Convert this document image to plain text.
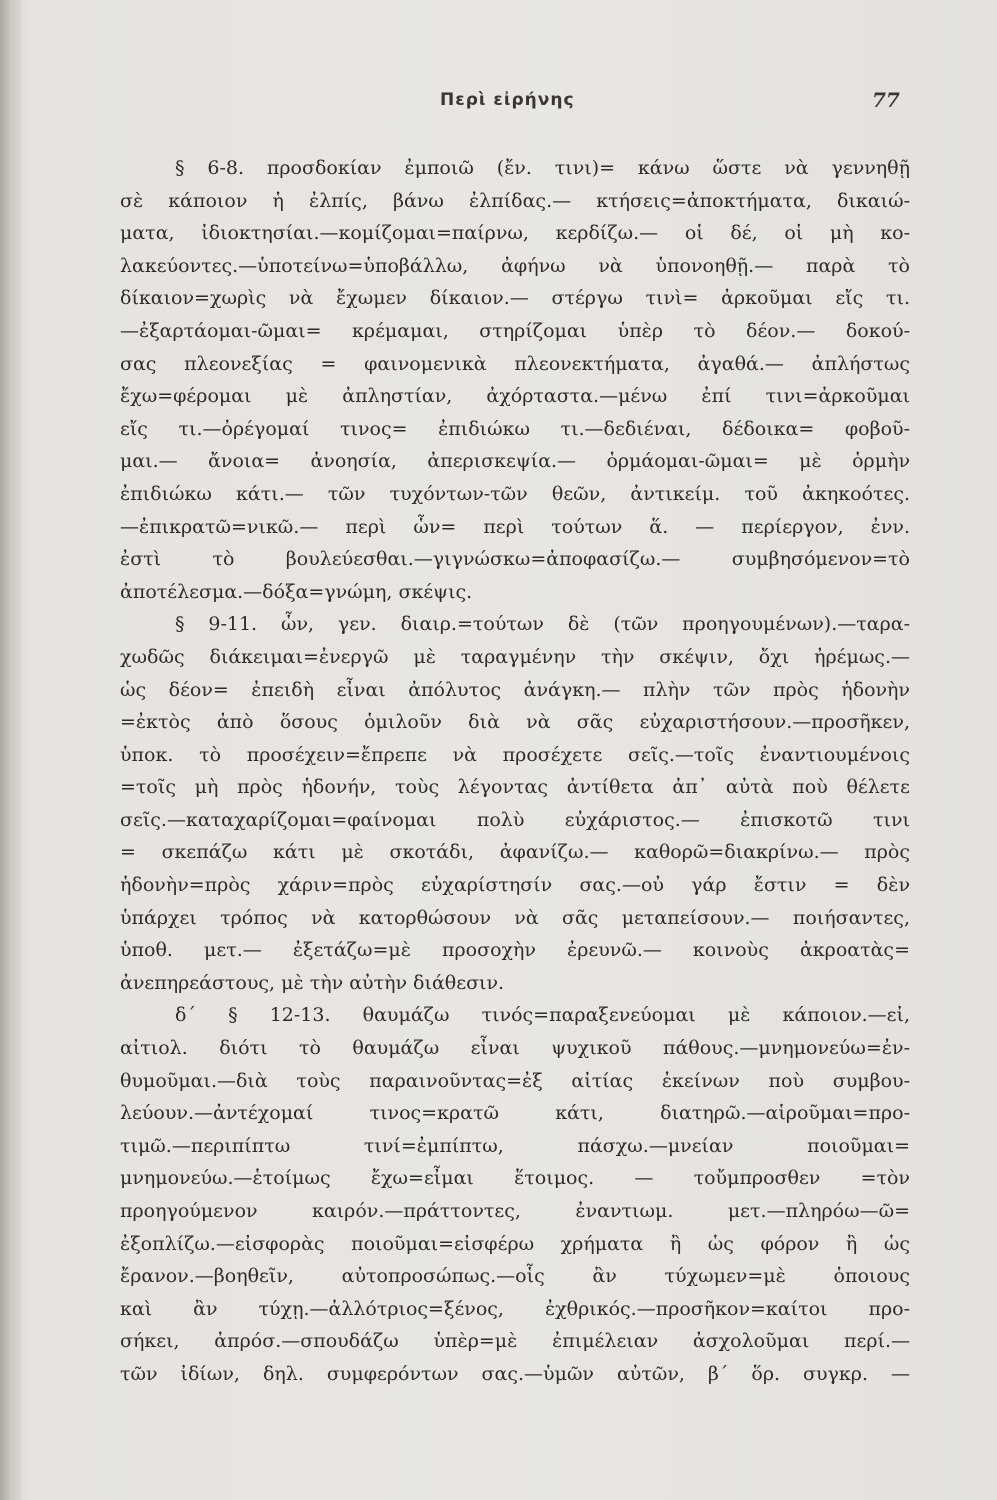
Περὶ εἰρήνης	77
§ 6-8. προσδοκίαν ἐμποιῶ (ἔν. τινι)= κάνω ὥστε νὰ γεννηθῇ
σὲ κάποιον ἡ ἐλπίς, βάνω ἐλπίδας.— κτήσεις=ἀποκτήματα, δικαιώ-
ματα, ἰδιοκτησίαι.—κομίζομαι=παίρνω, κερδίζω.— οἱ δέ, οἱ μὴ κο-
λακεύοντες.—ὑποτείνω=ὑποβάλλω, ἀφήνω νὰ ὑπονοηθῇ.— παρὰ τὸ
δίκαιον=χωρὶς νὰ ἔχωμεν δίκαιον.— στέργω τινὶ= ἀρκοῦμαι εἴς τι.
—ἐξαρτάομαι-ῶμαι= κρέμαμαι, στηρίζομαι ὑπὲρ τὸ δέον.— δοκού-
σας πλεονεξίας = φαινομενικὰ πλεονεκτήματα, ἀγαθά.— ἀπλήστως
ἔχω=φέρομαι μὲ ἀπληστίαν, ἀχόρταστα.—μένω ἐπί τινι=ἀρκοῦμαι
εἴς τι.—ὀρέγομαί τινος= ἐπιδιώκω τι.—δεδιέναι, δέδοικα= φοβοῦ-
μαι.— ἄνοια= ἀνοησία, ἀπερισκεψία.— ὁρμάομαι-ῶμαι= μὲ ὁρμὴν
ἐπιδιώκω κάτι.— τῶν τυχόντων-τῶν θεῶν, ἀντικείμ. τοῦ ἀκηκοότες.
—ἐπικρατῶ=νικῶ.— περὶ ὧν= περὶ τούτων ἅ. — περίεργον, ἐνν.
ἐστὶ τὸ βουλεύεσθαι.—γιγνώσκω=ἀποφασίζω.— συμβησόμενον=τὸ
ἀποτέλεσμα.—δόξα=γνώμη, σκέψις.
§ 9-11. ὧν, γεν. διαιρ.=τούτων δὲ (τῶν προηγουμένων).—ταρα-
χωδῶς διάκειμαι=ἐνεργῶ μὲ ταραγμένην τὴν σκέψιν, ὄχι ἠρέμως.—
ὡς δέον= ἐπειδὴ εἶναι ἀπόλυτος ἀνάγκη.— πλὴν τῶν πρὸς ἡδονὴν
=ἐκτὸς ἀπὸ ὅσους ὁμιλοῦν διὰ νὰ σᾶς εὐχαριστήσουν.—προσῆκεν,
ὑποκ. τὸ προσέχειν=ἔπρεπε νὰ προσέχετε σεῖς.—τοῖς ἐναντιουμένοις
=τοῖς μὴ πρὸς ἡδονήν, τοὺς λέγοντας ἀντίθετα ἀπ᾿ αὐτὰ ποὺ θέλετε
σεῖς.—καταχαρίζομαι=φαίνομαι πολὺ εὐχάριστος.— ἐπισκοτῶ τινι
= σκεπάζω κάτι μὲ σκοτάδι, ἀφανίζω.— καθορῶ=διακρίνω.— πρὸς
ἡδονὴν=πρὸς χάριν=πρὸς εὐχαρίστησίν σας.—οὐ γάρ ἔστιν = δὲν
ὑπάρχει τρόπος νὰ κατορθώσουν νὰ σᾶς μεταπείσουν.— ποιήσαντες,
ὑποθ. μετ.— ἐξετάζω=μὲ προσοχὴν ἐρευνῶ.— κοινοὺς ἀκροατὰς=
ἀνεπηρεάστους, μὲ τὴν αὐτὴν διάθεσιν.
δ´ § 12-13. θαυμάζω τινός=παραξενεύομαι μὲ κάποιον.—εἰ,
αἰτιολ. διότι τὸ θαυμάζω εἶναι ψυχικοῦ πάθους.—μνημονεύω=ἐν-
θυμοῦμαι.—διὰ τοὺς παραινοῦντας=ἐξ αἰτίας ἐκείνων ποὺ συμβου-
λεύουν.—ἀντέχομαί τινος=κρατῶ κάτι, διατηρῶ.—αἱροῦμαι=προ-
τιμῶ.—περιπίπτω τινί=ἐμπίπτω, πάσχω.—μνείαν ποιοῦμαι=
μνημονεύω.—ἑτοίμως ἔχω=εἶμαι ἕτοιμος. — τοὔμπροσθεν =τὸν
προηγούμενον καιρόν.—πράττοντες, ἐναντιωμ. μετ.—πληρόω—ῶ=
ἐξοπλίζω.—εἰσφορὰς ποιοῦμαι=εἰσφέρω χρήματα ἢ ὡς φόρον ἢ ὡς
ἔρανον.—βοηθεῖν, αὐτοπροσώπως.—οἷς ἂν τύχωμεν=μὲ ὁποιους
καὶ ἂν τύχῃ.—ἀλλότριος=ξένος, ἐχθρικός.—προσῆκον=καίτοι προ-
σήκει, ἀπρόσ.—σπουδάζω ὑπὲρ=μὲ ἐπιμέλειαν ἀσχολοῦμαι περί.—
τῶν ἰδίων, δηλ. συμφερόντων σας.—ὑμῶν αὐτῶν, β´ ὅρ. συγκρ. —
